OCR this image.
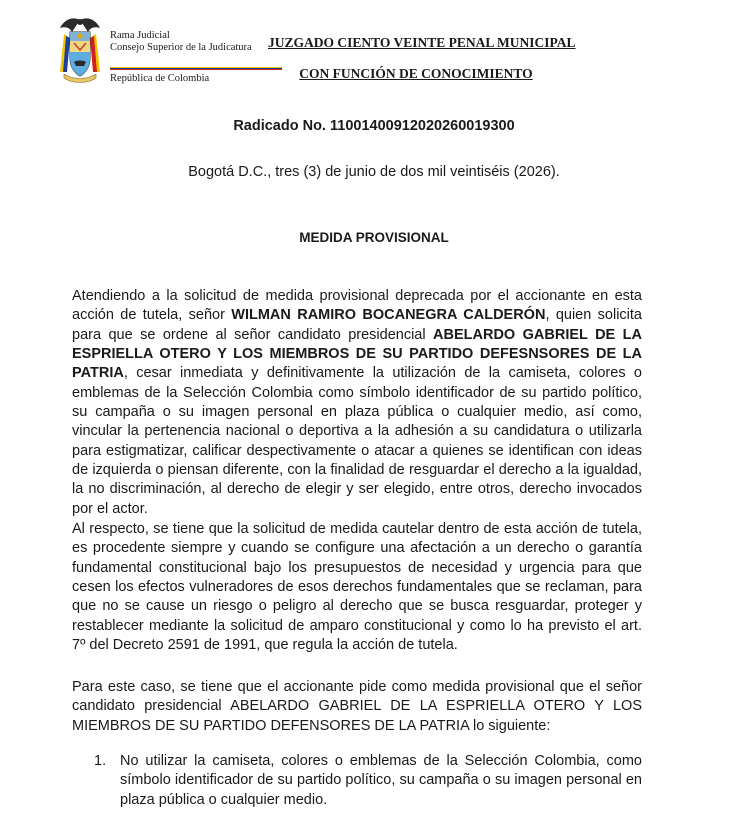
Rama Judicial
Consejo Superior de la Judicatura
República de Colombia
JUZGADO CIENTO VEINTE PENAL MUNICIPAL
CON FUNCIÓN DE CONOCIMIENTO
Radicado No. 11001400912020260019300
Bogotá D.C., tres (3) de junio de dos mil veintiséis (2026).
MEDIDA PROVISIONAL

Atendiendo a la solicitud de medida provisional deprecada por el accionante en esta acción de tutela, señor WILMAN RAMIRO BOCANEGRA CALDERÓN, quien solicita para que se ordene al señor candidato presidencial ABELARDO GABRIEL DE LA ESPRIELLA OTERO Y LOS MIEMBROS DE SU PARTIDO DEFESNSORES DE LA PATRIA, cesar inmediata y definitivamente la utilización de la camiseta, colores o emblemas de la Selección Colombia como símbolo identificador de su partido político, su campaña o su imagen personal en plaza pública o cualquier medio, así como, vincular la pertenencia nacional o deportiva a la adhesión a su candidatura o utilizarla para estigmatizar, calificar despectivamente o atacar a quienes se identifican con ideas de izquierda o piensan diferente, con la finalidad de resguardar el derecho a la igualdad, la no discriminación, al derecho de elegir y ser elegido, entre otros, derecho invocados por el actor.

Al respecto, se tiene que la solicitud de medida cautelar dentro de esta acción de tutela, es procedente siempre y cuando se configure una afectación a un derecho o garantía fundamental constitucional bajo los presupuestos de necesidad y urgencia para que cesen los efectos vulneradores de esos derechos fundamentales que se reclaman, para que no se cause un riesgo o peligro al derecho que se busca resguardar, proteger y restablecer mediante la solicitud de amparo constitucional y como lo ha previsto el art. 7º del Decreto 2591 de 1991, que regula la acción de tutela.

Para este caso, se tiene que el accionante pide como medida provisional que el señor candidato presidencial ABELARDO GABRIEL DE LA ESPRIELLA OTERO Y LOS MIEMBROS DE SU PARTIDO DEFENSORES DE LA PATRIA lo siguiente:

1. No utilizar la camiseta, colores o emblemas de la Selección Colombia, como símbolo identificador de su partido político, su campaña o su imagen personal en plaza pública o cualquier medio.
